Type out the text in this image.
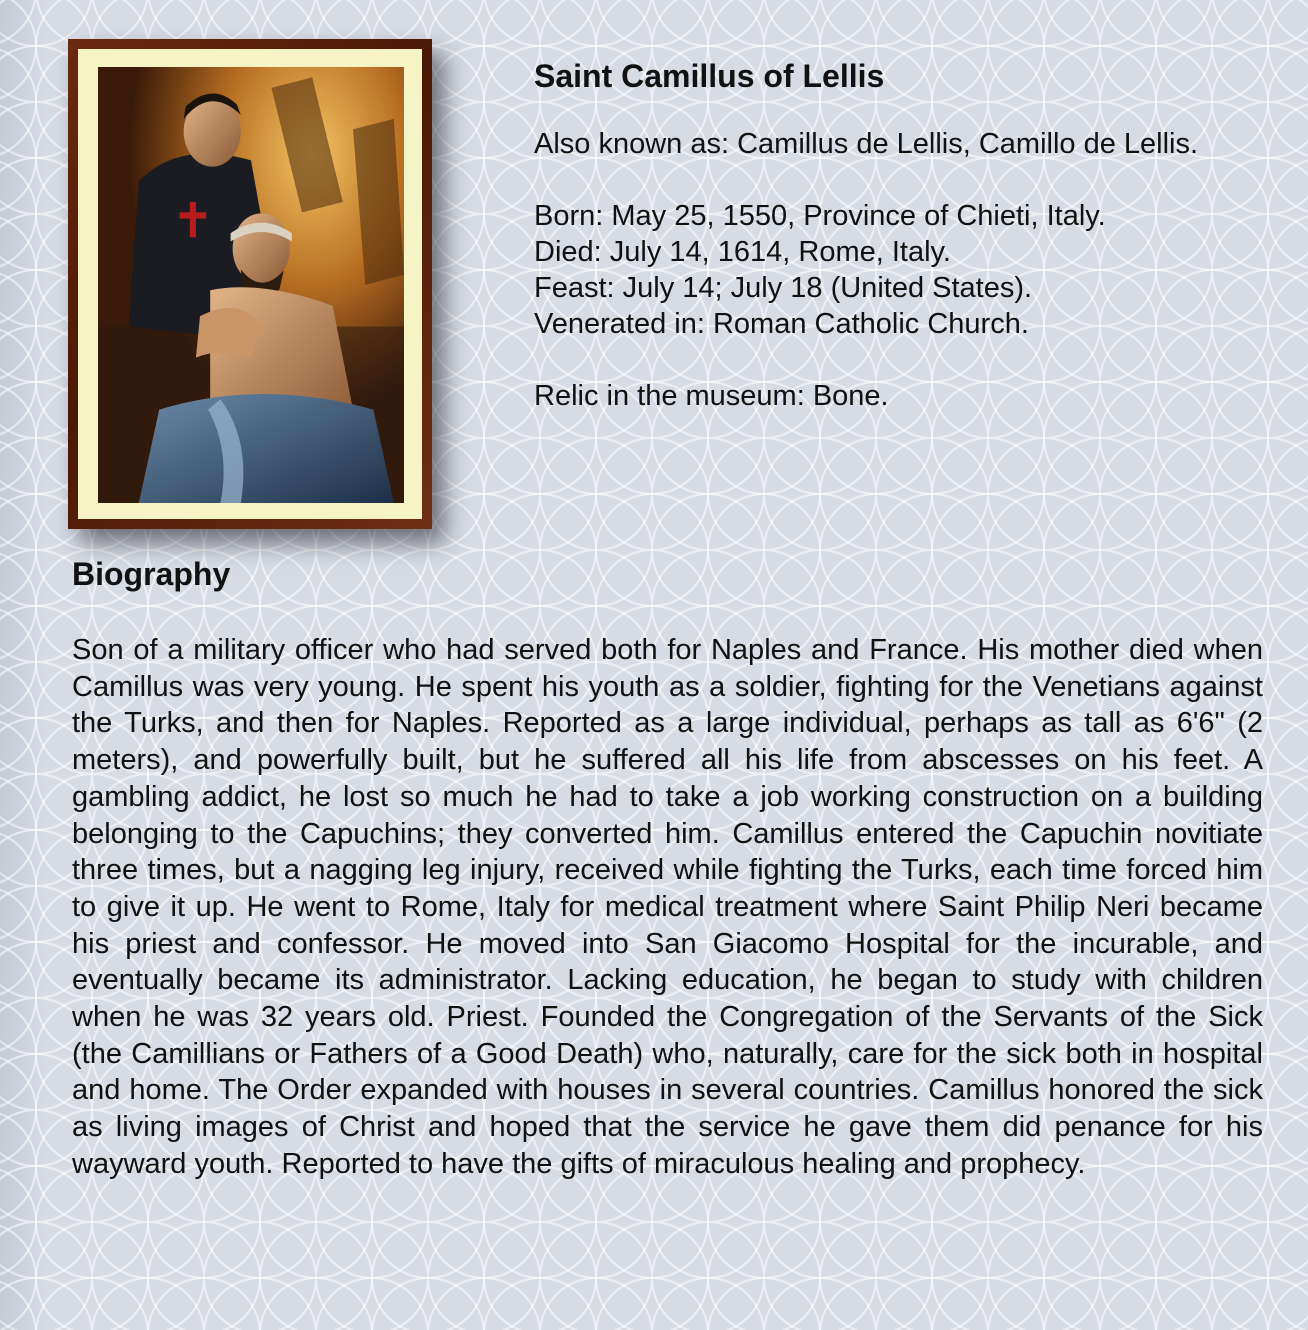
Saint Camillus of Lellis

Also known as: Camillus de Lellis, Camillo de Lellis.

Born: May 25, 1550, Province of Chieti, Italy.
Died: July 14, 1614, Rome, Italy.
Feast: July 14; July 18 (United States).
Venerated in: Roman Catholic Church.

Relic in the museum: Bone.

Biography

Son of a military officer who had served both for Naples and France. His mother died when Camillus was very young. He spent his youth as a soldier, fighting for the Venetians against the Turks, and then for Naples. Reported as a large individual, perhaps as tall as 6'6" (2 meters), and powerfully built, but he suffered all his life from abscesses on his feet. A gambling addict, he lost so much he had to take a job working construction on a building belonging to the Capuchins; they converted him. Camillus entered the Capuchin novitiate three times, but a nagging leg injury, received while fighting the Turks, each time forced him to give it up. He went to Rome, Italy for medical treatment where Saint Philip Neri became his priest and confessor. He moved into San Giacomo Hospital for the incurable, and eventually became its administrator. Lacking education, he began to study with children when he was 32 years old. Priest. Founded the Congregation of the Servants of the Sick (the Camillians or Fathers of a Good Death) who, naturally, care for the sick both in hospital and home. The Order expanded with houses in several countries. Camillus honored the sick as living images of Christ and hoped that the service he gave them did penance for his wayward youth. Reported to have the gifts of miraculous healing and prophecy.
